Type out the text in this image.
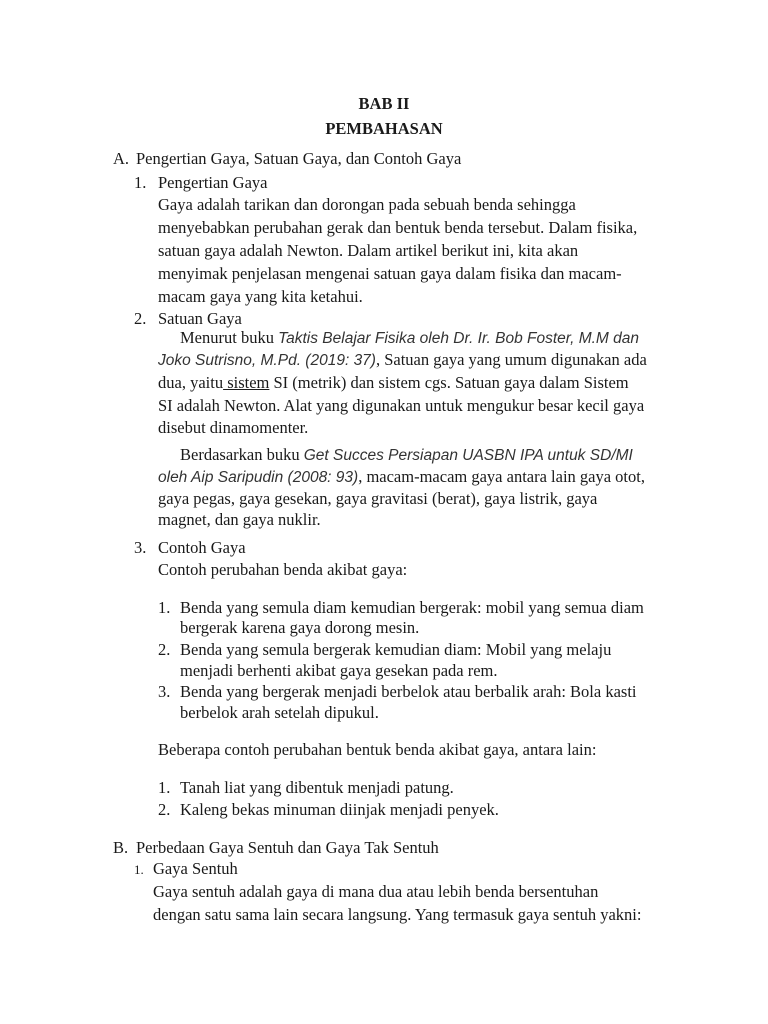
BAB II
PEMBAHASAN
A. Pengertian Gaya, Satuan Gaya, dan Contoh Gaya
1. Pengertian Gaya
Gaya adalah tarikan dan dorongan pada sebuah benda sehingga
menyebabkan perubahan gerak dan bentuk benda tersebut. Dalam fisika,
satuan gaya adalah Newton. Dalam artikel berikut ini, kita akan
menyimak penjelasan mengenai satuan gaya dalam fisika dan macam-
macam gaya yang kita ketahui.
2. Satuan Gaya
Menurut buku Taktis Belajar Fisika oleh Dr. Ir. Bob Foster, M.M dan
Joko Sutrisno, M.Pd. (2019: 37), Satuan gaya yang umum digunakan ada
dua, yaitu sistem SI (metrik) dan sistem cgs. Satuan gaya dalam Sistem
SI adalah Newton. Alat yang digunakan untuk mengukur besar kecil gaya
disebut dinamomenter.
Berdasarkan buku Get Succes Persiapan UASBN IPA untuk SD/MI
oleh Aip Saripudin (2008: 93), macam-macam gaya antara lain gaya otot,
gaya pegas, gaya gesekan, gaya gravitasi (berat), gaya listrik, gaya
magnet, dan gaya nuklir.
3. Contoh Gaya
Contoh perubahan benda akibat gaya:
1. Benda yang semula diam kemudian bergerak: mobil yang semua diam
bergerak karena gaya dorong mesin.
2. Benda yang semula bergerak kemudian diam: Mobil yang melaju
menjadi berhenti akibat gaya gesekan pada rem.
3. Benda yang bergerak menjadi berbelok atau berbalik arah: Bola kasti
berbelok arah setelah dipukul.
Beberapa contoh perubahan bentuk benda akibat gaya, antara lain:
1. Tanah liat yang dibentuk menjadi patung.
2. Kaleng bekas minuman diinjak menjadi penyek.
B. Perbedaan Gaya Sentuh dan Gaya Tak Sentuh
1. Gaya Sentuh
Gaya sentuh adalah gaya di mana dua atau lebih benda bersentuhan
dengan satu sama lain secara langsung. Yang termasuk gaya sentuh yakni:
